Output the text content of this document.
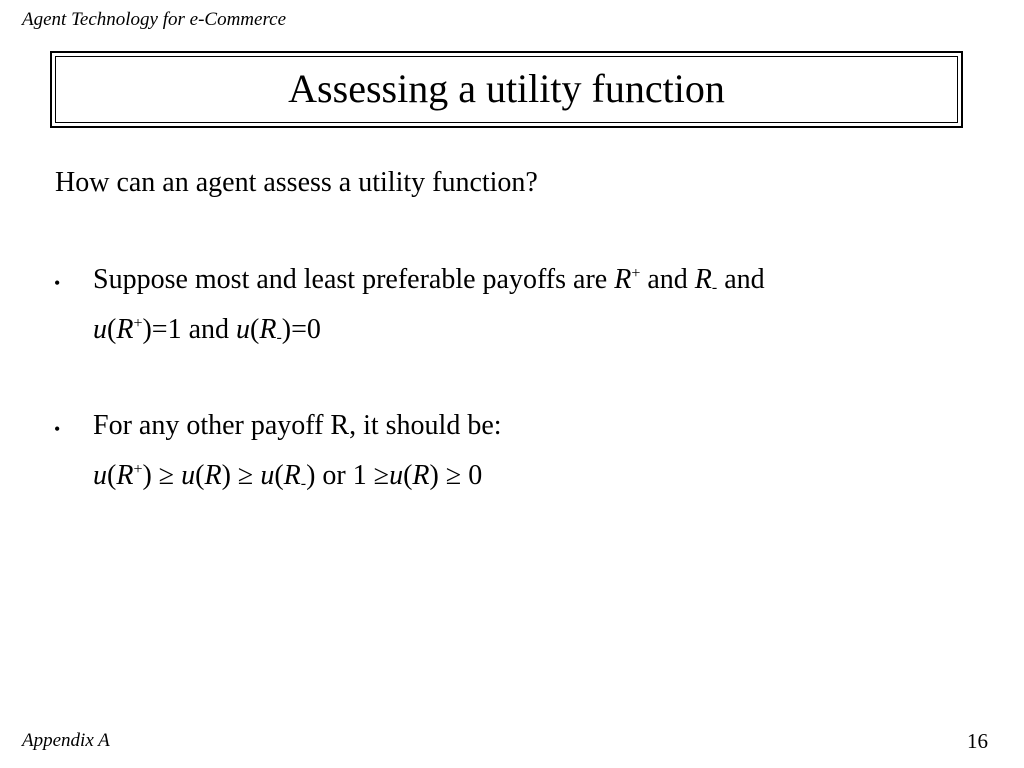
Agent Technology for e-Commerce
Assessing a utility function
How can an agent assess a utility function?
• Suppose most and least preferable payoffs are R+ and $R_-$ and
u(R+)=1 and $u(R_-)=0$
• For any other payoff R, it should be:
$u(R^+) \ge u(R) \ge u(R_-)$ or 1 ≥u(R) ≥ 0
Appendix A	16
